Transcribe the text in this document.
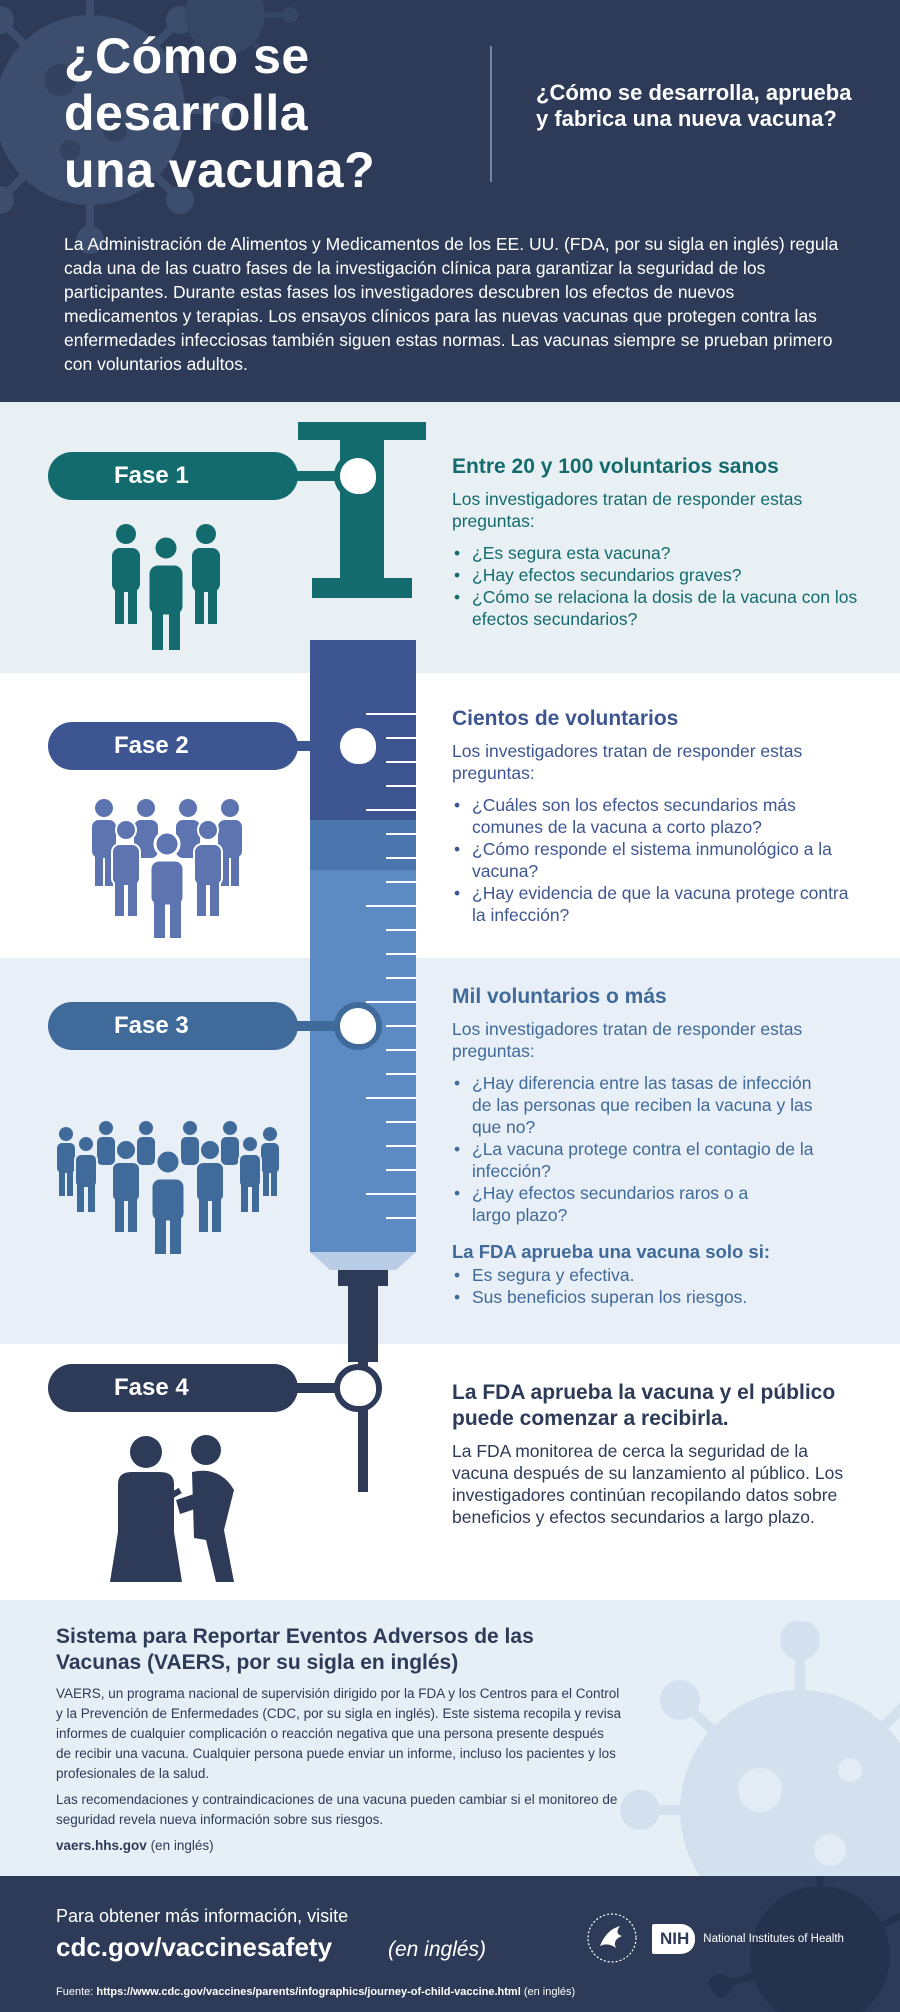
¿Cómo se
desarrolla
una vacuna?
¿Cómo se desarrolla, aprueba y fabrica una nueva vacuna?
La Administración de Alimentos y Medicamentos de los EE. UU. (FDA, por su sigla en inglés) regula cada una de las cuatro fases de la investigación clínica para garantizar la seguridad de los participantes. Durante estas fases los investigadores descubren los efectos de nuevos medicamentos y terapias. Los ensayos clínicos para las nuevas vacunas que protegen contra las enfermedades infecciosas también siguen estas normas. Las vacunas siempre se prueban primero con voluntarios adultos.
Fase 1	Entre 20 y 100 voluntarios sanos
Los investigadores tratan de responder estas preguntas:
• ¿Es segura esta vacuna?
• ¿Hay efectos secundarios graves?
• ¿Cómo se relaciona la dosis de la vacuna con los efectos secundarios?
Fase 2
Cientos de voluntarios
Los investigadores tratan de responder estas preguntas:
• ¿Cuáles son los efectos secundarios más comunes de la vacuna a corto plazo?
• ¿Cómo responde el sistema inmunológico a la vacuna?
• ¿Hay evidencia de que la vacuna protege contra la infección?
Fase 3
Mil voluntarios o más
Los investigadores tratan de responder estas preguntas:
• ¿Hay diferencia entre las tasas de infección de las personas que reciben la vacuna y las que no?
• ¿La vacuna protege contra el contagio de la infección?
• ¿Hay efectos secundarios raros o a largo plazo?
La FDA aprueba una vacuna solo si:
• Es segura y efectiva.
• Sus beneficios superan los riesgos.
Fase 4	La FDA aprueba la vacuna y el público puede comenzar a recibirla.
La FDA monitorea de cerca la seguridad de la vacuna después de su lanzamiento al público. Los investigadores continúan recopilando datos sobre beneficios y efectos secundarios a largo plazo.
Sistema para Reportar Eventos Adversos de las Vacunas (VAERS, por su sigla en inglés)

VAERS, un programa nacional de supervisión dirigido por la FDA y los Centros para el Control y la Prevención de Enfermedades (CDC, por su sigla en inglés). Este sistema recopila y revisa informes de cualquier complicación o reacción negativa que una persona presente después de recibir una vacuna. Cualquier persona puede enviar un informe, incluso los pacientes y los profesionales de la salud.

Las recomendaciones y contraindicaciones de una vacuna pueden cambiar si el monitoreo de seguridad revela nueva información sobre sus riesgos.

vaers.hhs.gov (en inglés)

Para obtener más información, visite
cdc.gov/vaccinesafety	(en inglés)
Fuente: https://www.cdc.gov/vaccines/parents/infographics/journey-of-child-vaccine.html (en inglés)
NIH	National Institutes of Health
